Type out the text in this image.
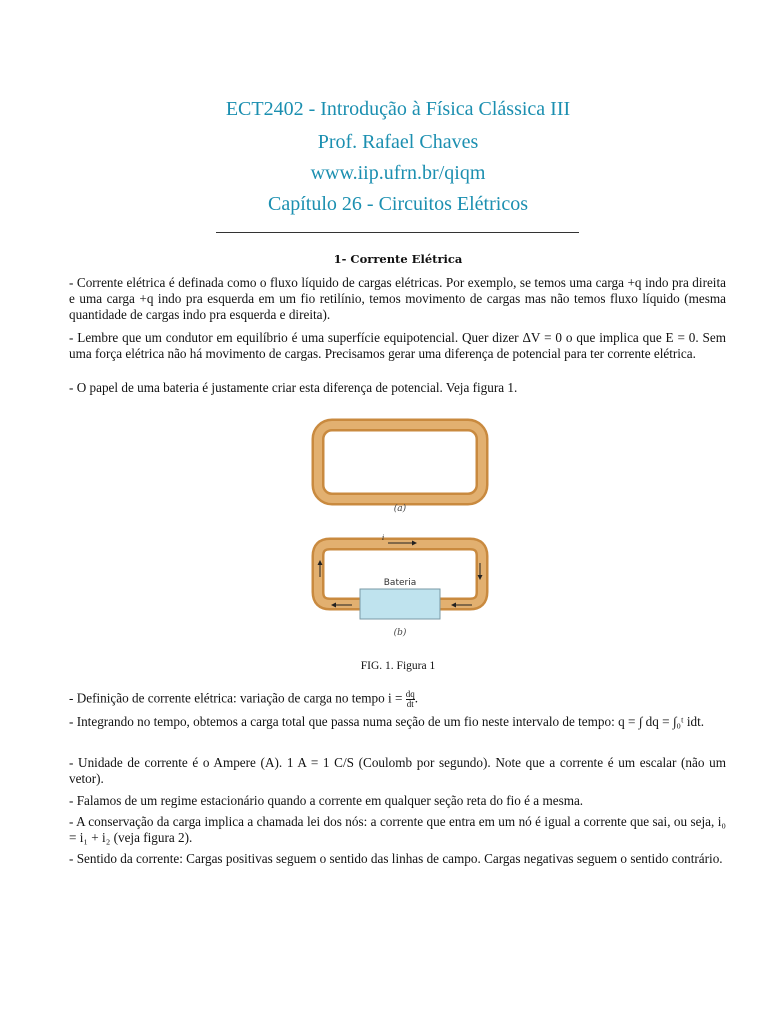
ECT2402 - Introdução à Física Clássica III
Prof. Rafael Chaves
www.iip.ufrn.br/qiqm
Capítulo 26 - Circuitos Elétricos
1- Corrente Elétrica
- Corrente elétrica é definada como o fluxo líquido de cargas elétricas. Por exemplo, se temos uma carga +q indo pra direita e uma carga +q indo pra esquerda em um fio retilínio, temos movimento de cargas mas não temos fluxo líquido (mesma quantidade de cargas indo pra esquerda e direita).
- Lembre que um condutor em equilíbrio é uma superfície equipotencial. Quer dizer ΔV = 0 o que implica que E = 0. Sem uma força elétrica não há movimento de cargas. Precisamos gerar uma diferença de potencial para ter corrente elétrica.
- O papel de uma bateria é justamente criar esta diferença de potencial. Veja figura 1.
(a)
Bateria
i
(b)
FIG. 1. Figura 1
- Definição de corrente elétrica: variação de carga no tempo $i = \frac{dq}{dt}$ .
- Integrando no tempo, obtemos a carga total que passa numa seção de um fio neste intervalo de tempo: q = ∫ dq = ∫₀ᵗ idt.
- Unidade de corrente é o Ampere (A). 1 A = 1 C/S (Coulomb por segundo). Note que a corrente é um escalar (não um vetor).
- Falamos de um regime estacionário quando a corrente em qualquer seção reta do fio é a mesma.
- A conservação da carga implica a chamada lei dos nós: a corrente que entra em um nó é igual a corrente que sai, ou seja, i₀ = i₁ + i₂ (veja figura 2).
- Sentido da corrente: Cargas positivas seguem o sentido das linhas de campo. Cargas negativas seguem o sentido contrário.
